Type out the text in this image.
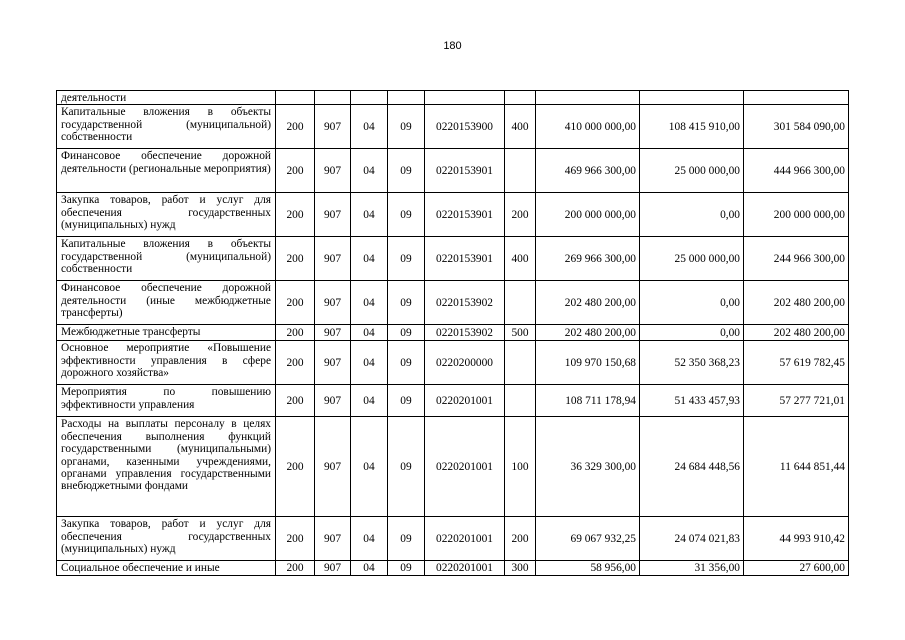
180
деятельности									
Капитальные вложения в объекты государственной (муниципальной) собственности	200	907	04	09	0220153900	400	410 000 000,00	108 415 910,00	301 584 090,00
Финансовое обеспечение дорожной деятельности (региональные мероприятия)	200	907	04	09	0220153901		469 966 300,00	25 000 000,00	444 966 300,00
Закупка товаров, работ и услуг для обеспечения государственных (муниципальных) нужд	200	907	04	09	0220153901	200	200 000 000,00	0,00	200 000 000,00
Капитальные вложения в объекты государственной (муниципальной) собственности	200	907	04	09	0220153901	400	269 966 300,00	25 000 000,00	244 966 300,00
Финансовое обеспечение дорожной деятельности (иные межбюджетные трансферты)	200	907	04	09	0220153902		202 480 200,00	0,00	202 480 200,00
Межбюджетные трансферты	200	907	04	09	0220153902	500	202 480 200,00	0,00	202 480 200,00
Основное мероприятие «Повышение эффективности управления в сфере дорожного хозяйства»	200	907	04	09	0220200000		109 970 150,68	52 350 368,23	57 619 782,45
Мероприятия по повышению эффективности управления	200	907	04	09	0220201001		108 711 178,94	51 433 457,93	57 277 721,01
Расходы на выплаты персоналу в целях обеспечения выполнения функций государственными (муниципальными) органами, казенными учреждениями, органами управления государственными внебюджетными фондами	200	907	04	09	0220201001	100	36 329 300,00	24 684 448,56	11 644 851,44
Закупка товаров, работ и услуг для обеспечения государственных (муниципальных) нужд	200	907	04	09	0220201001	200	69 067 932,25	24 074 021,83	44 993 910,42
Социальное обеспечение и иные	200	907	04	09	0220201001	300	58 956,00	31 356,00	27 600,00
